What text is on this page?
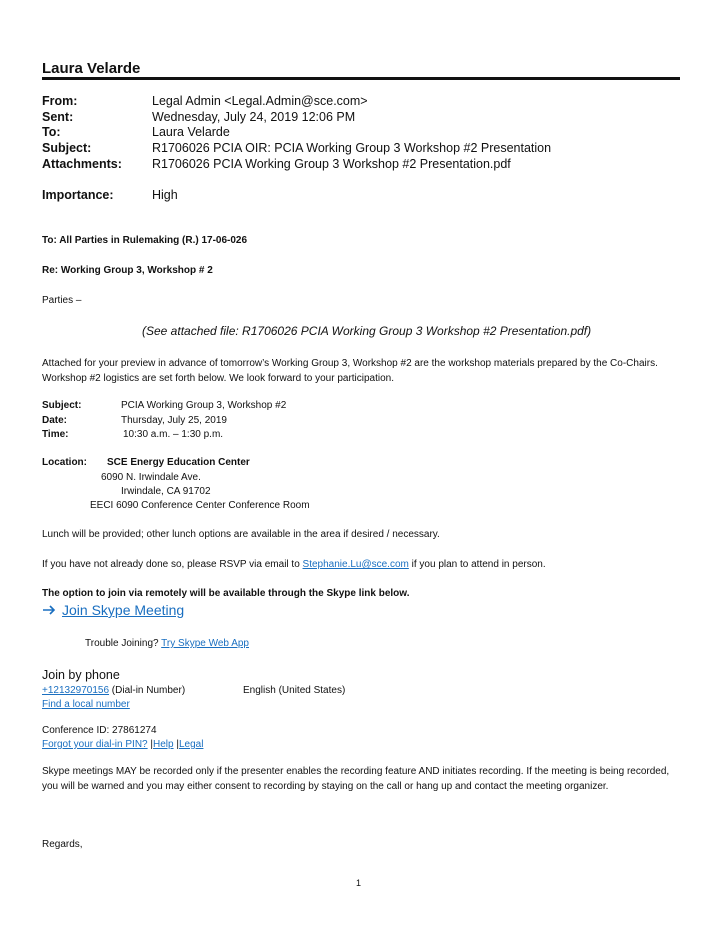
Laura Velarde
From:	Legal Admin <Legal.Admin@sce.com>
Sent:	Wednesday, July 24, 2019 12:06 PM
To:	Laura Velarde
Subject:	R1706026 PCIA OIR: PCIA Working Group 3 Workshop #2 Presentation
Attachments: R1706026 PCIA Working Group 3 Workshop #2 Presentation.pdf
Importance:	High
To: All Parties in Rulemaking (R.) 17-06-026
Re: Working Group 3, Workshop # 2
Parties –
(See attached file: R1706026 PCIA Working Group 3 Workshop #2 Presentation.pdf)
Attached for your preview in advance of tomorrow’s Working Group 3, Workshop #2 are the workshop materials prepared by the Co-Chairs. Workshop #2 logistics are set forth below. We look forward to your participation.
Subject:	PCIA Working Group 3, Workshop #2
Date:	Thursday, July 25, 2019
Time:	10:30 a.m. – 1:30 p.m.
Location: SCE Energy Education Center
6090 N. Irwindale Ave.
Irwindale, CA 91702
EECI 6090 Conference Center Conference Room
Lunch will be provided; other lunch options are available in the area if desired / necessary.
If you have not already done so, please RSVP via email to Stephanie.Lu@sce.com if you plan to attend in person.
The option to join via remotely will be available through the Skype link below.
Join Skype Meeting
Trouble Joining? Try Skype Web App
Join by phone
+12132970156 (Dial-in Number)	English (United States)
Find a local number
Conference ID: 27861274
Forgot your dial-in PIN? |Help |Legal
Skype meetings MAY be recorded only if the presenter enables the recording feature AND initiates recording. If the meeting is being recorded, you will be warned and you may either consent to recording by staying on the call or hang up and contact the meeting organizer.
Regards,
1
